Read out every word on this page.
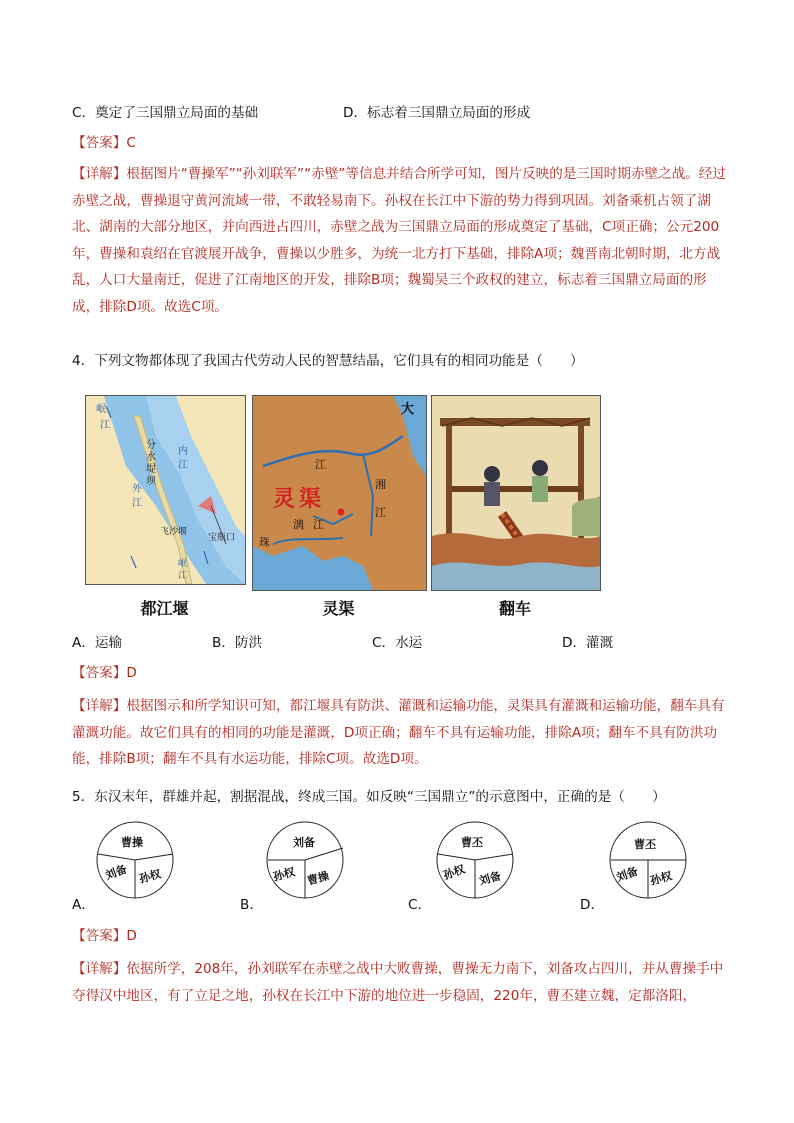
C．奠定了三国鼎立局面的基础	D．标志着三国鼎立局面的形成
【答案】C
【详解】根据图片“曹操军”“孙刘联军”“赤壁”等信息并结合所学可知，图片反映的是三国时期赤壁之战。经过赤壁之战，曹操退守黄河流域一带，不敢轻易南下。孙权在长江中下游的势力得到巩固。刘备乘机占领了湖北、湖南的大部分地区，并向西进占四川，赤壁之战为三国鼎立局面的形成奠定了基础，C项正确；公元200年，曹操和袁绍在官渡展开战争，曹操以少胜多，为统一北方打下基础，排除A项；魏晋南北朝时期，北方战乱，人口大量南迁，促进了江南地区的开发，排除B项；魏蜀吴三个政权的建立，标志着三国鼎立局面的形成，排除D项。故选C项。
4．下列文物都体现了我国古代劳动人民的智慧结晶，它们具有的相同功能是（　　）
岷
江
内
江
外
江
分水堤坝
飞沙堰
宝瓶口
岷
江
都江堰
大
江
湘
江
灵渠
漓 江
珠
灵渠	翻车
A．运输	B．防洪	C．水运	D．灌溉
【答案】D
【详解】根据图示和所学知识可知，都江堰具有防洪、灌溉和运输功能，灵渠具有灌溉和运输功能，翻车具有灌溉功能。故它们具有的相同的功能是灌溉，D项正确；翻车不具有运输功能，排除A项；翻车不具有防洪功能，排除B项；翻车不具有水运功能，排除C项。故选D项。
5．东汉末年，群雄并起，割据混战，终成三国。如反映“三国鼎立”的示意图中，正确的是（　　）
曹操
刘备 孙权
A．
刘备
孙权 曹操
B．
曹丕
孙权 刘备
C．
曹丕
刘备 孙权
D．
【答案】D
【详解】依据所学，208年，孙刘联军在赤壁之战中大败曹操，曹操无力南下，刘备攻占四川，并从曹操手中夺得汉中地区，有了立足之地，孙权在长江中下游的地位进一步稳固，220年，曹丕建立魏，定都洛阳，
